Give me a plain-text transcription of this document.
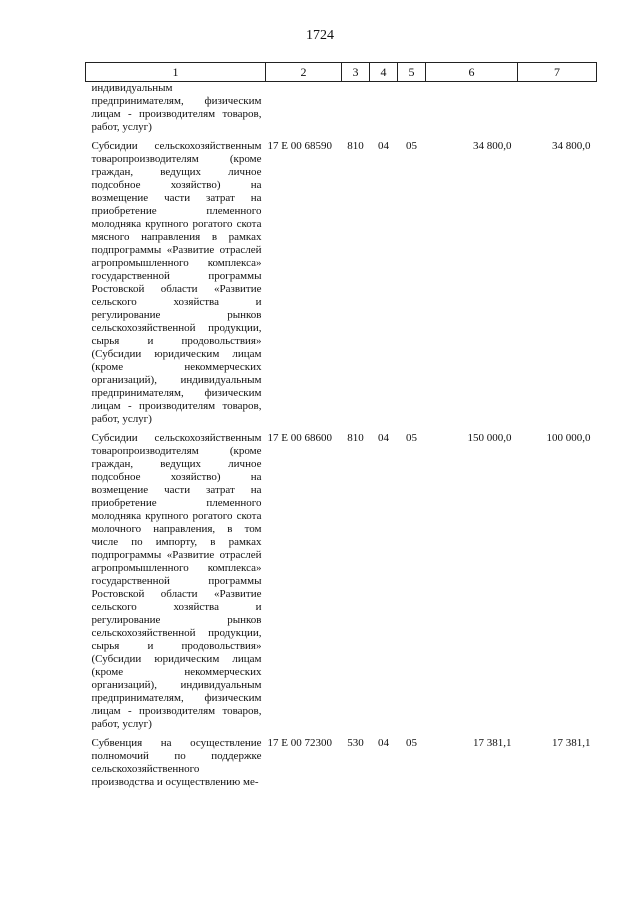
1724
1	2	3	4	5	6	7
индивидуальным предпринимателям, физическим лицам - производителям товаров, работ, услуг)						

Субсидии сельскохозяйственным товаропроизводителям (кроме граждан, ведущих личное подсобное хозяйство) на возмещение части затрат на приобретение племенного молодняка крупного рогатого скота мясного направления в рамках подпрограммы «Развитие отраслей агропромышленного комплекса» государственной программы Ростовской области «Развитие сельского хозяйства и регулирование рынков сельскохозяйственной продукции, сырья и продовольствия» (Субсидии юридическим лицам (кроме некоммерческих организаций), индивидуальным предпринимателям, физическим лицам - производителям товаров, работ, услуг)	17 Е 00 68590	810	04	05	34 800,0	34 800,0

Субсидии сельскохозяйственным товаропроизводителям (кроме граждан, ведущих личное подсобное хозяйство) на возмещение части затрат на приобретение племенного молодняка крупного рогатого скота молочного направления, в том числе по импорту, в рамках подпрограммы «Развитие отраслей агропромышленного комплекса» государственной программы Ростовской области «Развитие сельского хозяйства и регулирование рынков сельскохозяйственной продукции, сырья и продовольствия» (Субсидии юридическим лицам (кроме некоммерческих организаций), индивидуальным предпринимателям, физическим лицам - производителям товаров, работ, услуг)	17 Е 00 68600	810	04	05	150 000,0	100 000,0

Субвенция на осуществление полномочий по поддержке сельскохозяйственного производства и осуществлению ме-	17 Е 00 72300	530	04	05	17 381,1	17 381,1
